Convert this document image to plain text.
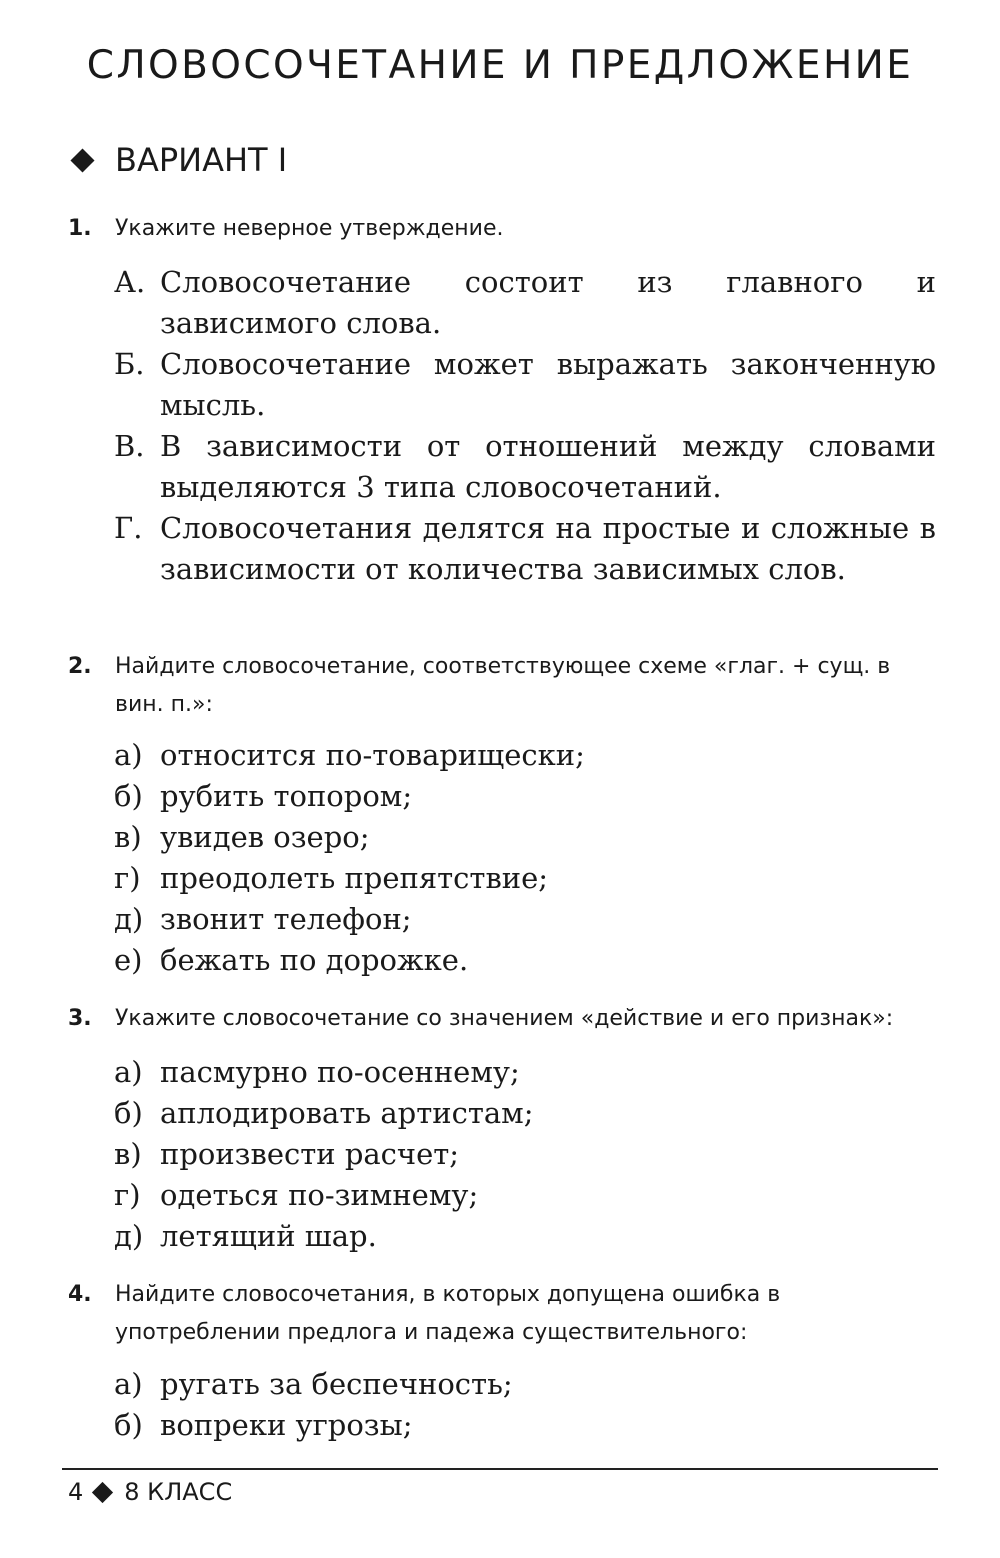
СЛОВОСОЧЕТАНИЕ И ПРЕДЛОЖЕНИЕ
ВАРИАНТ I
1. Укажите неверное утверждение.
А. Словосочетание состоит из главного и зависимого слова.
Б. Словосочетание может выражать законченную мысль.
В. В зависимости от отношений между словами выделяются 3 типа словосочетаний.
Г. Словосочетания делятся на простые и сложные в зависимости от количества зависимых слов.
2. Найдите словосочетание, соответствующее схеме «глаг. + сущ. в вин. п.»:
а) относится по-товарищески;
б) рубить топором;
в) увидев озеро;
г) преодолеть препятствие;
д) звонит телефон;
е) бежать по дорожке.
3. Укажите словосочетание со значением «действие и его признак»:
а) пасмурно по-осеннему;
б) аплодировать артистам;
в) произвести расчет;
г) одеться по-зимнему;
д) летящий шар.
4. Найдите словосочетания, в которых допущена ошибка в употреблении предлога и падежа существительного:
а) ругать за беспечность;
б) вопреки угрозы;
4 8 КЛАСС
